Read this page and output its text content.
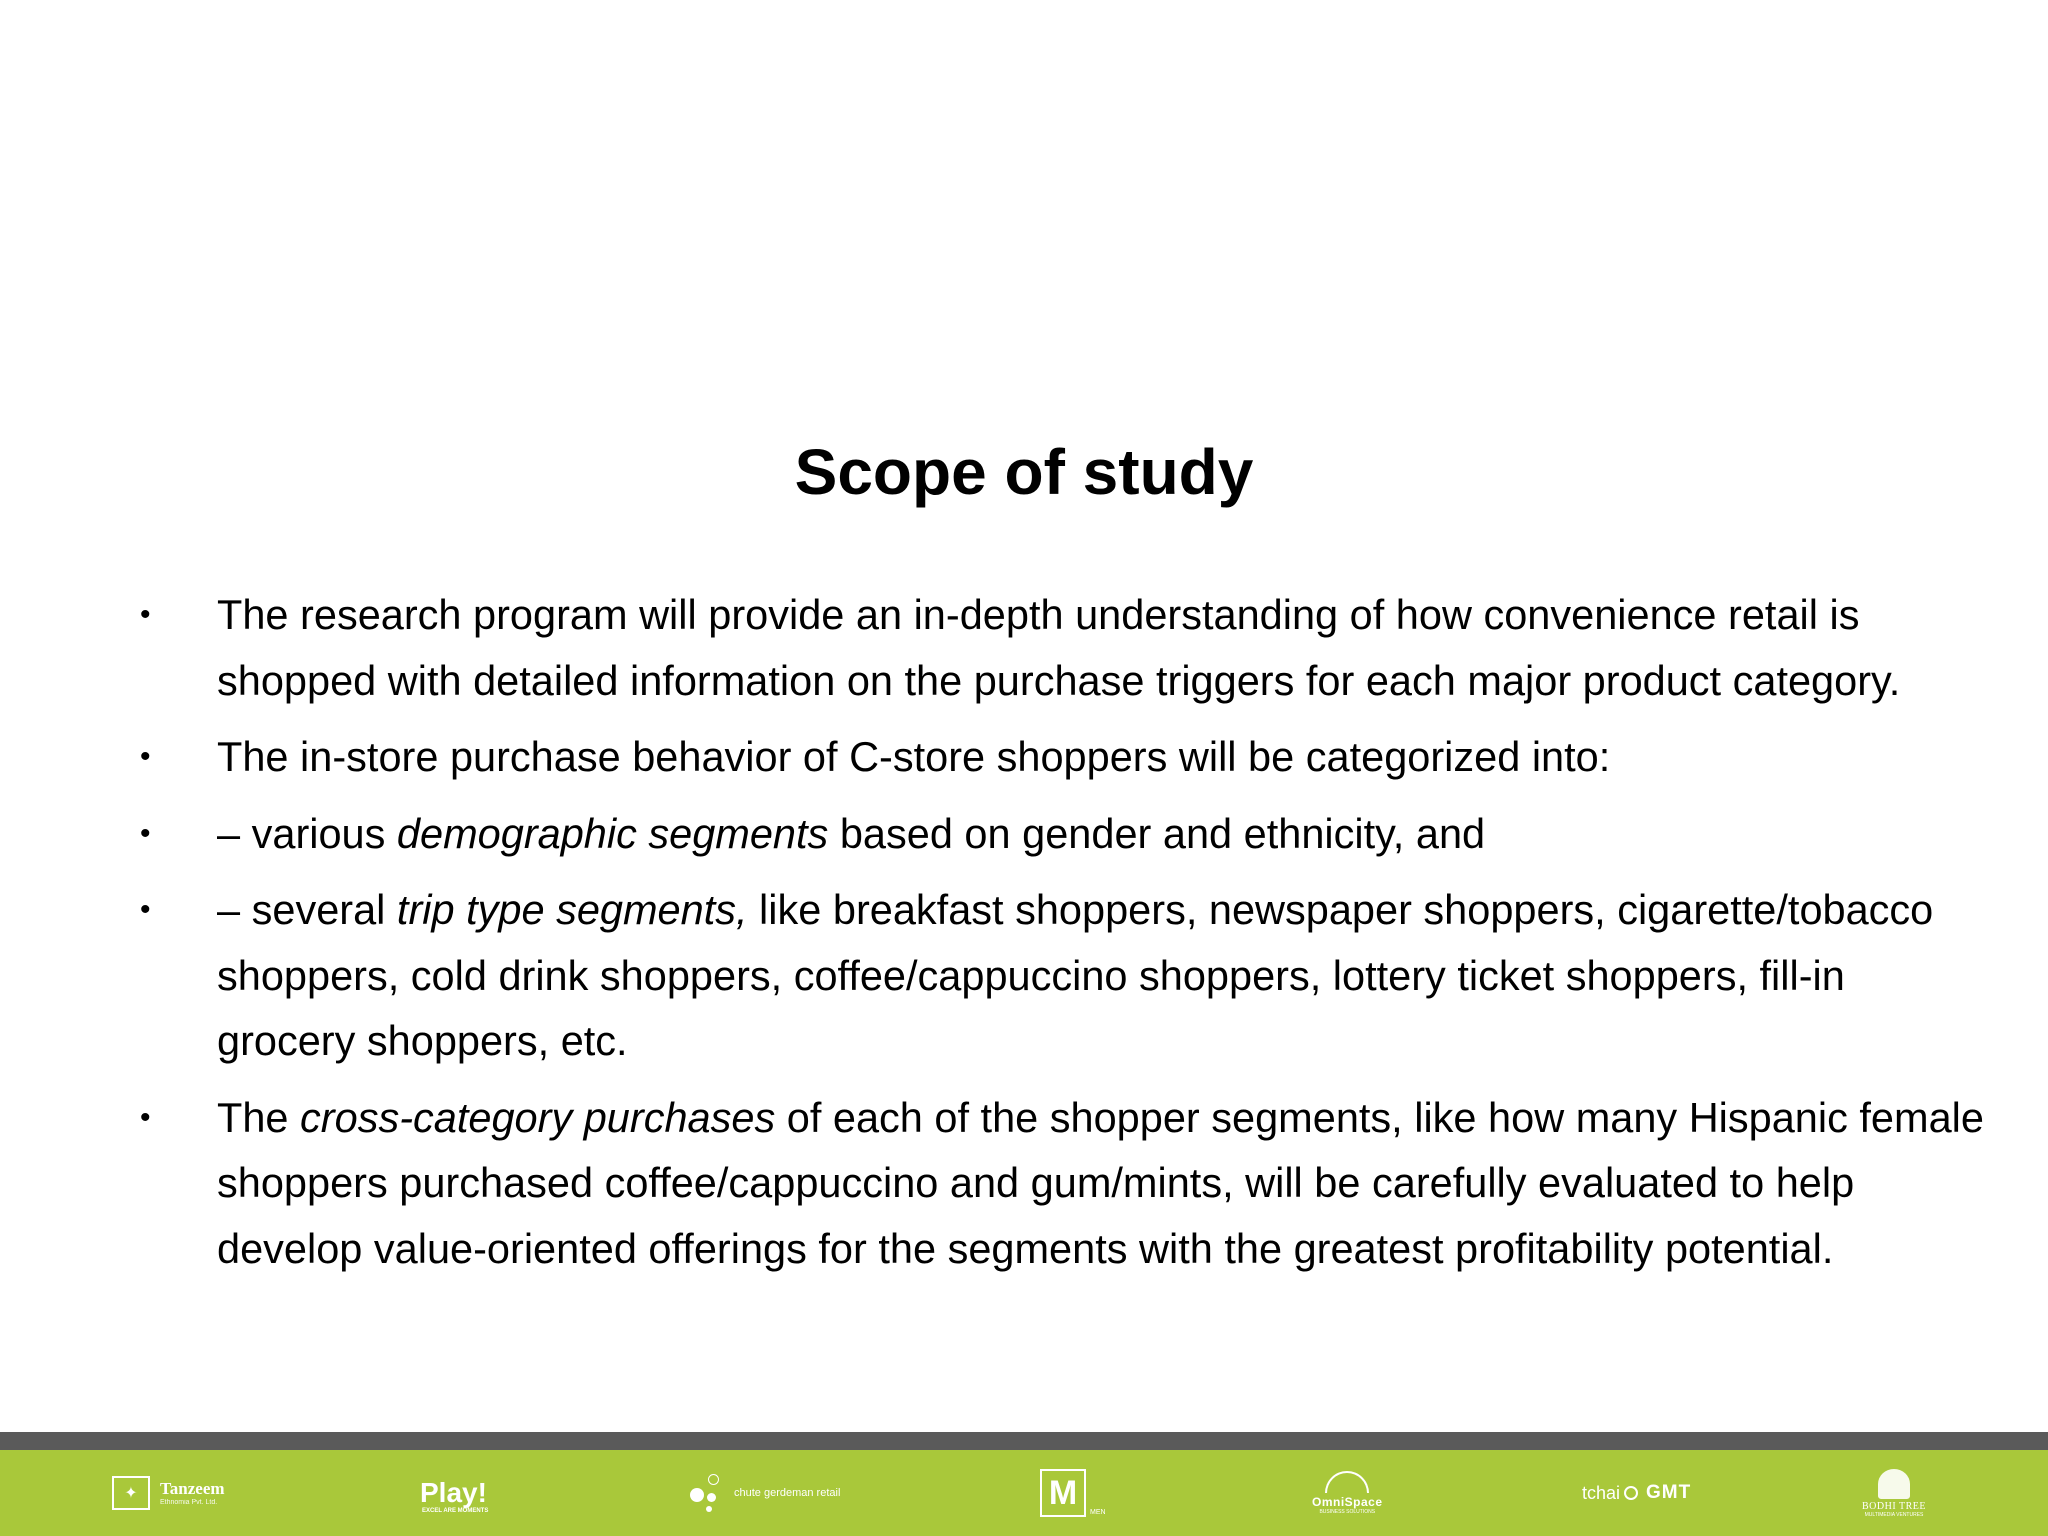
Scope of study
• The research program will provide an in-depth understanding of how convenience retail is shopped with detailed information on the purchase triggers for each major product category.
• The in-store purchase behavior of C-store shoppers will be categorized into:
• – various demographic segments based on gender and ethnicity, and
• – several trip type segments, like breakfast shoppers, newspaper shoppers, cigarette/tobacco shoppers, cold drink shoppers, coffee/cappuccino shoppers, lottery ticket shoppers, fill-in grocery shoppers, etc.
• The cross-category purchases of each of the shopper segments, like how many Hispanic female shoppers purchased coffee/cappuccino and gum/mints, will be carefully evaluated to help develop value-oriented offerings for the segments with the greatest profitability potential.
✦	Tanzeem
Ethnomia Pvt. Ltd.	Play!
EXCEL ARE MOMENTS
chute gerdeman retail	M
MEN
OmniSpace
BUSINESS SOLUTIONS
tchai GMT
BODHI TREE
MULTIMEDIA VENTURES
